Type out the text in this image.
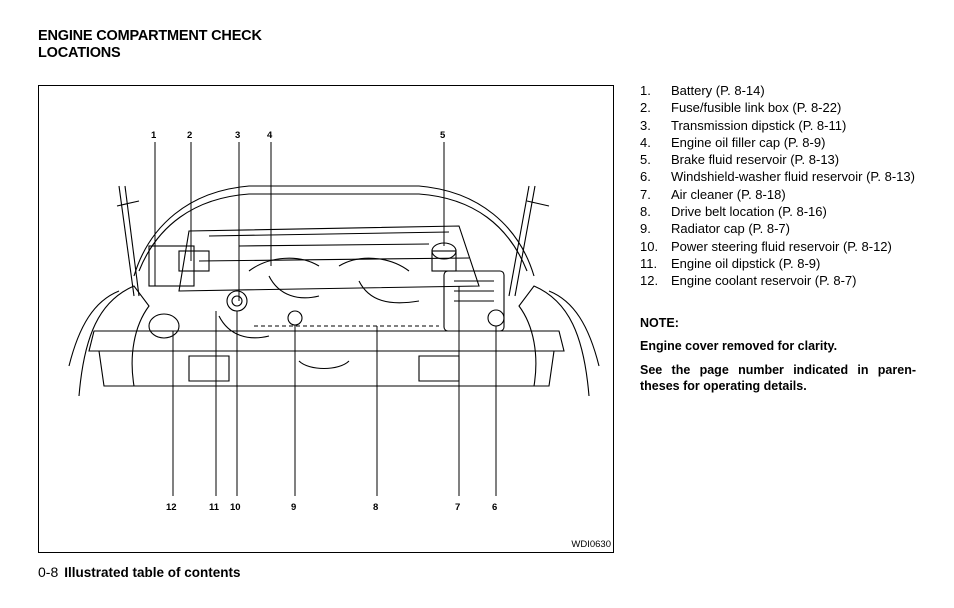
ENGINE COMPARTMENT CHECK
LOCATIONS
1	2	3	4	5
12	11 10	9	8	7	6
WDI0630
1. Battery (P. 8-14)
2. Fuse/fusible link box (P. 8-22)
3. Transmission dipstick (P. 8-11)
4. Engine oil filler cap (P. 8-9)
5. Brake fluid reservoir (P. 8-13)
6. Windshield-washer fluid reservoir (P. 8-13)
7. Air cleaner (P. 8-18)
8. Drive belt location (P. 8-16)
9. Radiator cap (P. 8-7)
10. Power steering fluid reservoir (P. 8-12)
11. Engine oil dipstick (P. 8-9)
12. Engine coolant reservoir (P. 8-7)
NOTE:
Engine cover removed for clarity.
See the page number indicated in paren-theses for operating details.
0-8 Illustrated table of contents
